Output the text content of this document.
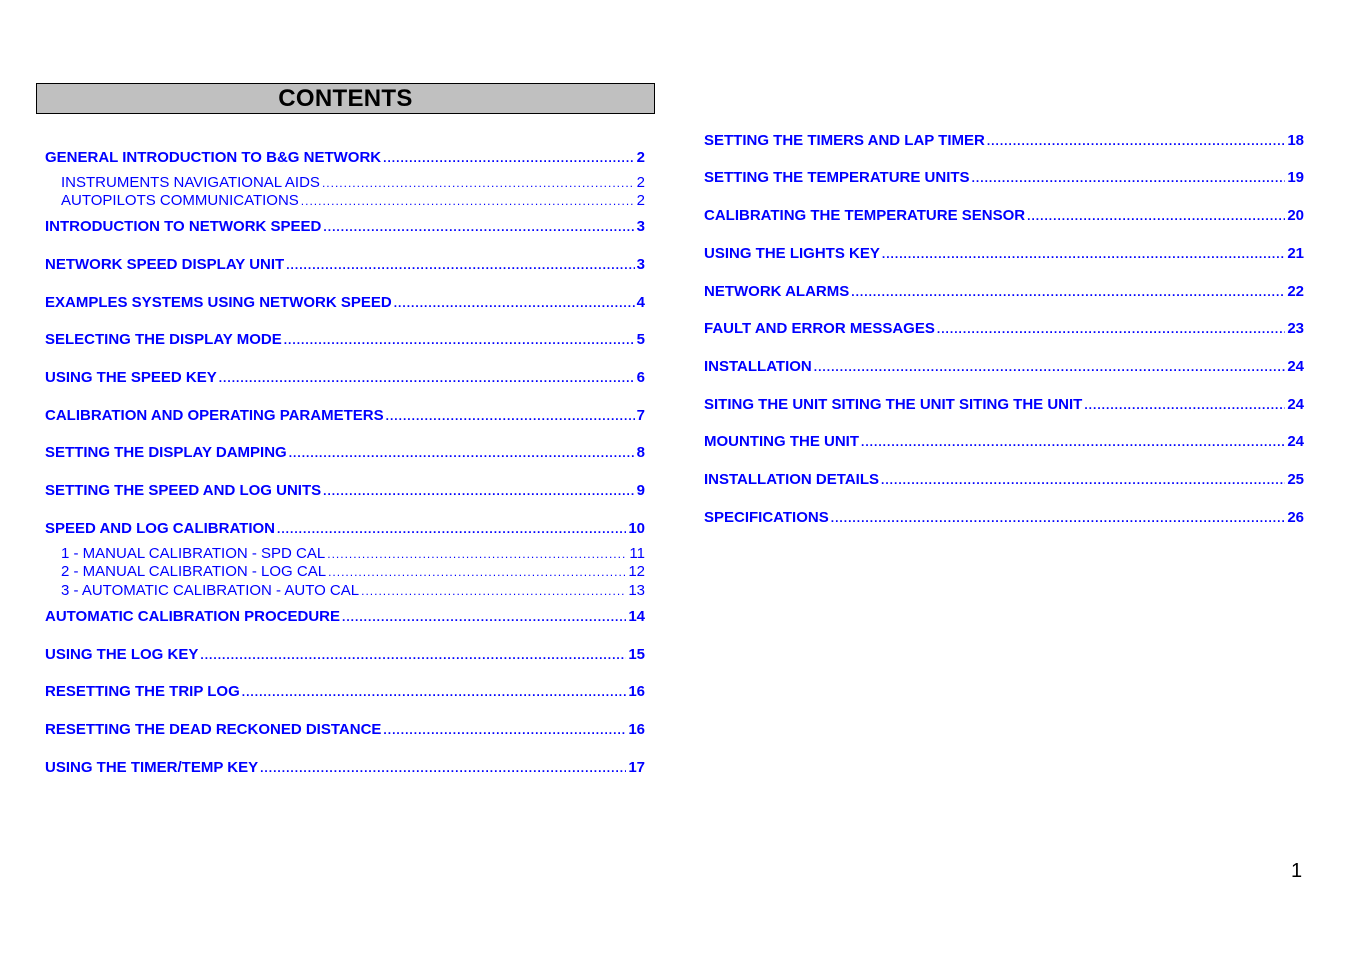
CONTENTS
GENERAL INTRODUCTION TO B&G NETWORK .....	2
INSTRUMENTS NAVIGATIONAL AIDS .....	2
AUTOPILOTS COMMUNICATIONS .....	2
INTRODUCTION TO NETWORK SPEED .....	3
NETWORK SPEED DISPLAY UNIT .....	3
EXAMPLES SYSTEMS USING NETWORK SPEED .....	4
SELECTING THE DISPLAY MODE .....	5
USING THE SPEED KEY .....	6
CALIBRATION AND OPERATING PARAMETERS .....	7
SETTING THE DISPLAY DAMPING .....	8
SETTING THE SPEED AND LOG UNITS .....	9
SPEED AND LOG CALIBRATION .....	10
1 - MANUAL CALIBRATION - SPD CAL .....	11
2 - MANUAL CALIBRATION - LOG CAL .....	12
3 - AUTOMATIC CALIBRATION - AUTO CAL .....	13
AUTOMATIC CALIBRATION PROCEDURE .....	14
USING THE LOG KEY .....	15
RESETTING THE TRIP LOG .....	16
RESETTING THE DEAD RECKONED DISTANCE .....	16
USING THE TIMER/TEMP KEY .....	17
SETTING THE TIMERS AND LAP TIMER .....	18
SETTING THE TEMPERATURE UNITS .....	19
CALIBRATING THE TEMPERATURE SENSOR .....	20
USING THE LIGHTS KEY .....	21
NETWORK ALARMS .....	22
FAULT AND ERROR MESSAGES .....	23
INSTALLATION .....	24
SITING THE UNIT SITING THE UNIT SITING THE UNIT .....	24
MOUNTING THE UNIT .....	24
INSTALLATION DETAILS .....	25
SPECIFICATIONS .....	26
1
